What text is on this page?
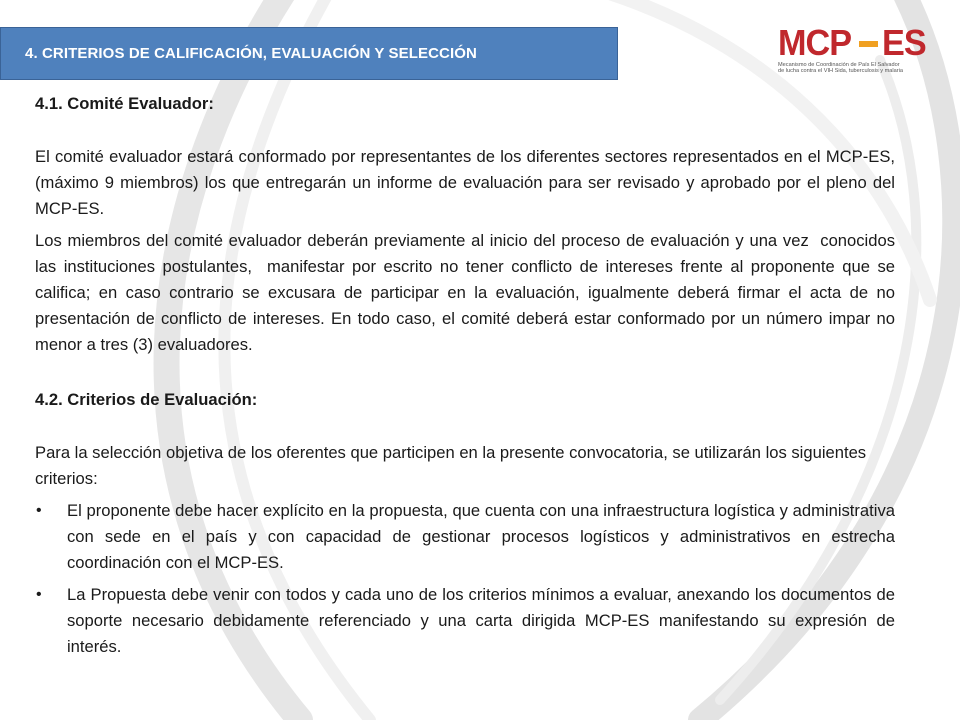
4. CRITERIOS DE CALIFICACIÓN, EVALUACIÓN Y SELECCIÓN	MCP ES
Mecanismo de Coordinación de País El Salvador
de lucha contra el VIH Sida, tuberculosis y malaria
4.1. Comité Evaluador:

El comité evaluador estará conformado por representantes de los diferentes sectores representados en el MCP-ES, (máximo 9 miembros) los que entregarán un informe de evaluación para ser revisado y aprobado por el pleno del MCP-ES.

Los miembros del comité evaluador deberán previamente al inicio del proceso de evaluación y una vez  conocidos las instituciones postulantes,  manifestar por escrito no tener conflicto de intereses frente al proponente que se califica; en caso contrario se excusara de participar en la evaluación, igualmente deberá firmar el acta de no presentación de conflicto de intereses. En todo caso, el comité deberá estar conformado por un número impar no menor a tres (3) evaluadores.

4.2. Criterios de Evaluación:

Para la selección objetiva de los oferentes que participen en la presente convocatoria, se utilizarán los siguientes criterios:

•	El proponente debe hacer explícito en la propuesta, que cuenta con una infraestructura logística y administrativa con sede en el país y con capacidad de gestionar procesos logísticos y administrativos en estrecha coordinación con el MCP-ES.
•	La Propuesta debe venir con todos y cada uno de los criterios mínimos a evaluar, anexando los documentos de soporte necesario debidamente referenciado y una carta dirigida MCP-ES manifestando su expresión de interés.
